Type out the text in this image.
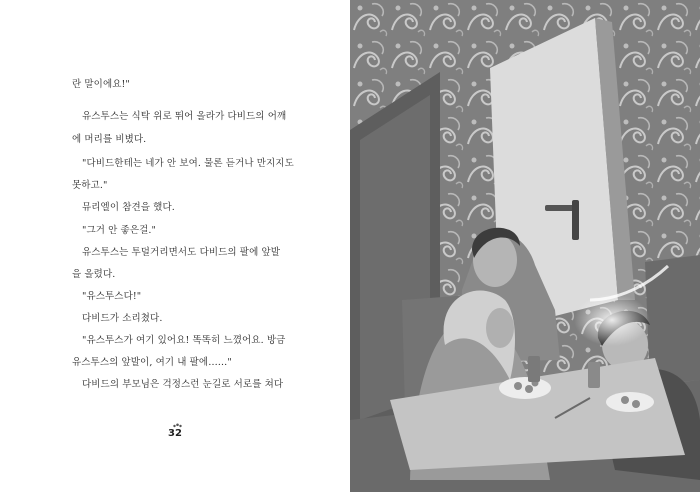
란 말이에요!"

유스투스는 식탁 위로 뛰어 올라가 다비드의 어깨

에 머리를 비볐다.

"다비드한테는 네가 안 보여. 물론 듣거나 만지지도

못하고."

뮤리엘이 참견을 했다.

"그거 안 좋은걸."

유스투스는 투덜거리면서도 다비드의 팔에 앞발

을 올렸다.

"유스투스다!"

다비드가 소리쳤다.

"유스투스가 여기 있어요! 똑똑히 느꼈어요. 방금

유스투스의 앞발이, 여기 내 팔에……"

다비드의 부모님은 걱정스런 눈길로 서로를 쳐다

32
